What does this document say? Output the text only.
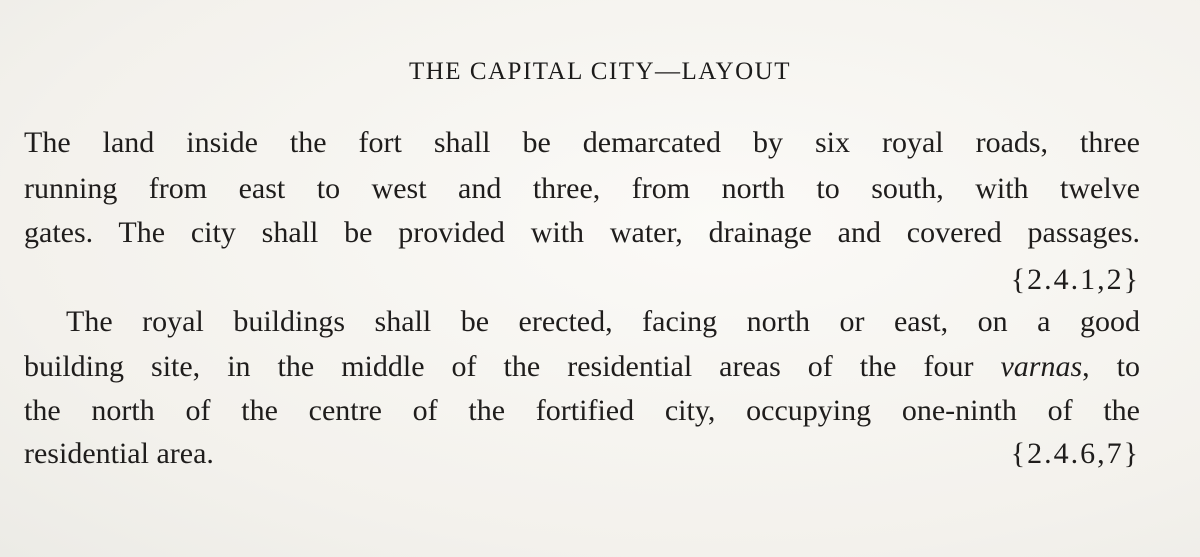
THE CAPITAL CITY—LAYOUT
The land inside the fort shall be demarcated by six royal roads, three
running from east to west and three, from north to south, with twelve
gates. The city shall be provided with water, drainage and covered passages.
{2.4.1,2}
The royal buildings shall be erected, facing north or east, on a good
building site, in the middle of the residential areas of the four varnas, to
the north of the centre of the fortified city, occupying one-ninth of the
residential area.	{2.4.6,7}
